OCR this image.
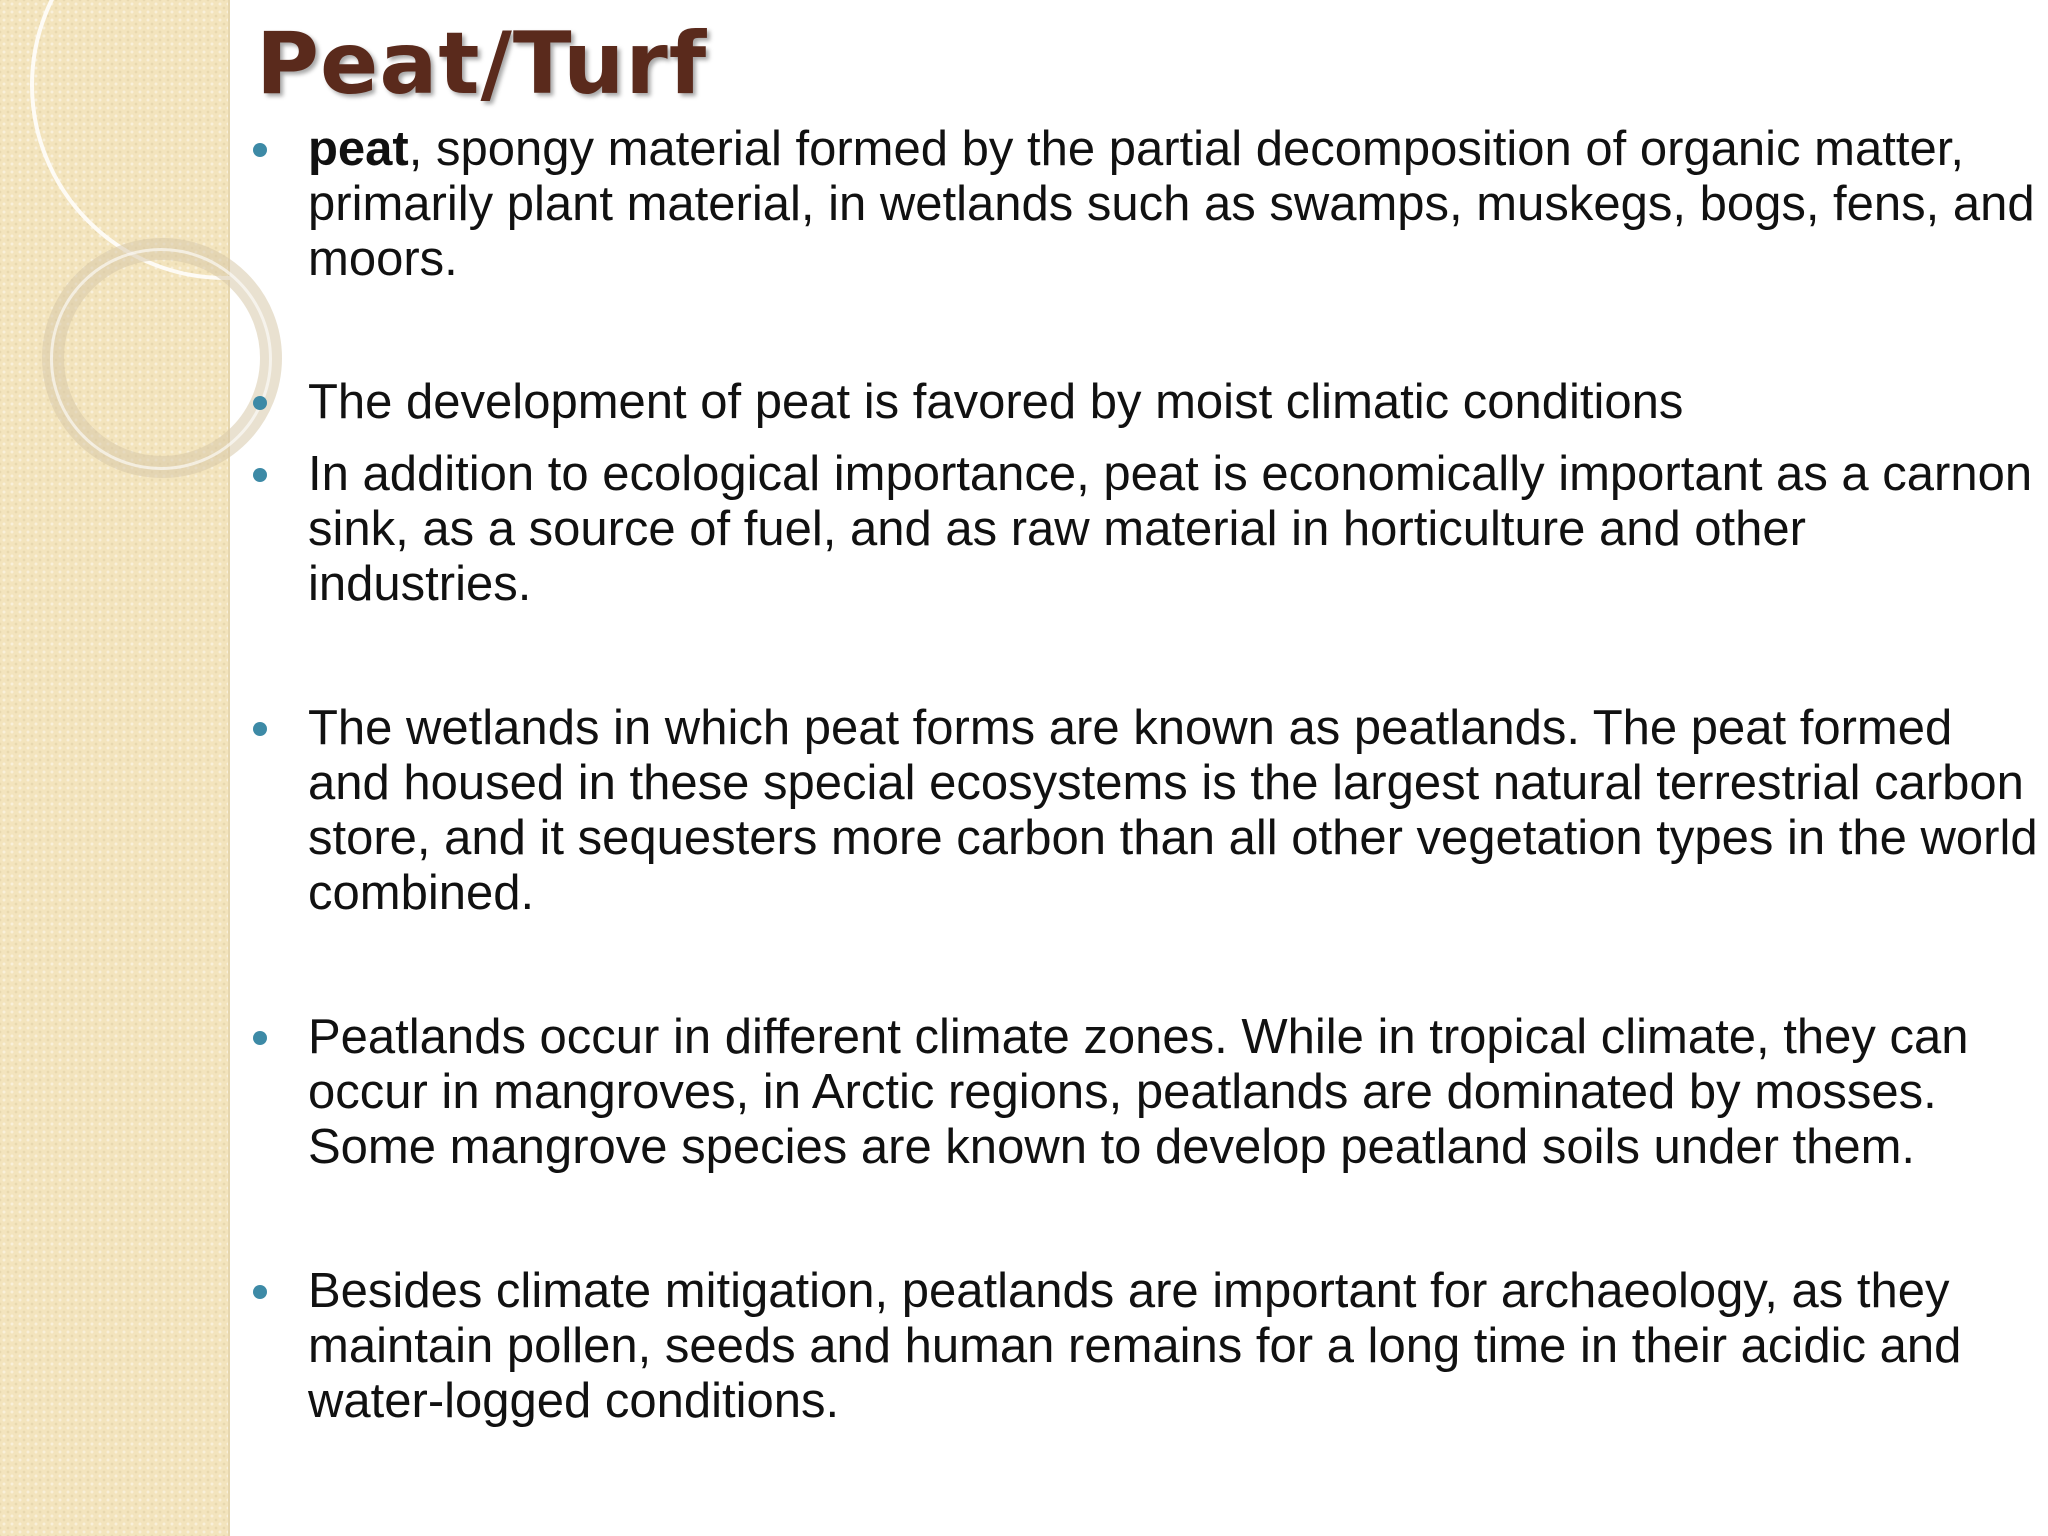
Peat/Turf
peat, spongy material formed by the partial decomposition of organic matter, primarily plant material, in wetlands such as swamps, muskegs, bogs, fens, and moors.
The development of peat is favored by moist climatic conditions
In addition to ecological importance, peat is economically important as a carnon sink, as a source of fuel, and as raw material in horticulture and other industries.
The wetlands in which peat forms are known as peatlands. The peat formed and housed in these special ecosystems is the largest natural terrestrial carbon store, and it sequesters more carbon than all other vegetation types in the world combined.
Peatlands occur in different climate zones. While in tropical climate, they can occur in mangroves, in Arctic regions, peatlands are dominated by mosses. Some mangrove species are known to develop peatland soils under them.
Besides climate mitigation, peatlands are important for archaeology, as they maintain pollen, seeds and human remains for a long time in their acidic and water-logged conditions.
